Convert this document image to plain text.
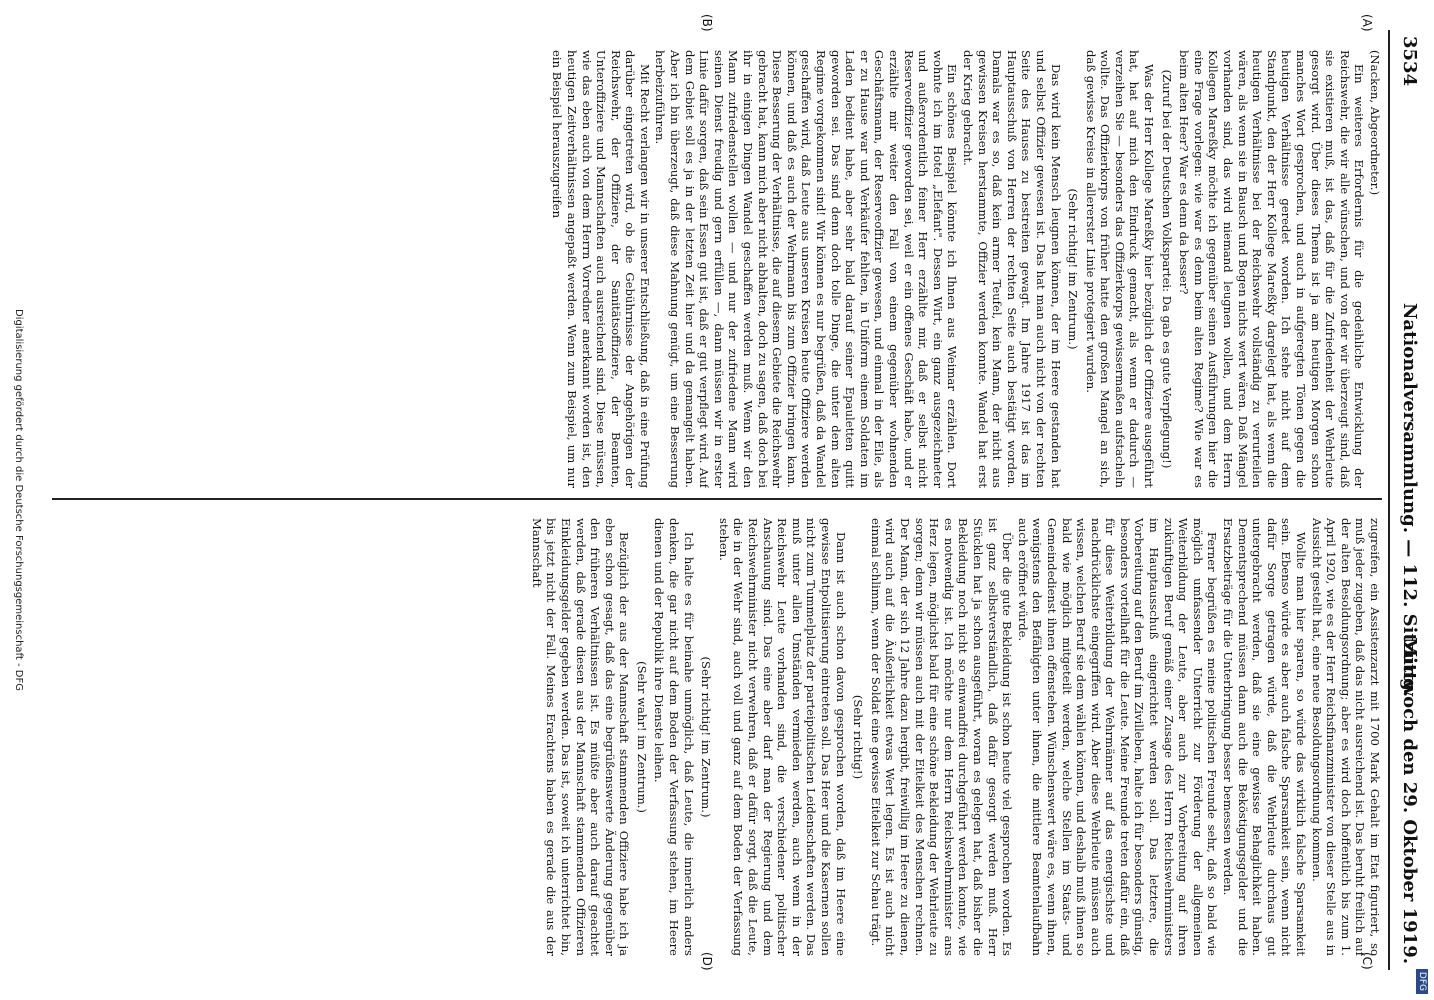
3534
Nationalversammlung. — 112. Sitzung.
Mittwoch den 29. Oktober 1919.
(A)
(B)
(C)
(D)

(Nacken, Abgeordneter.)

Ein weiteres Erfordernis für die gedeihliche Entwicklung der Reichswehr, die wir alle wünschen, und von der wir überzeugt sind, daß sie existieren muß, ist das, daß für die Zufriedenheit der Wehrleute gesorgt wird. Über dieses Thema ist ja am heutigen Morgen schon manches Wort gesprochen, und auch in aufgeregten Tönen gegen die heutigen Verhältnisse geredet worden. Ich stehe nicht auf dem Standpunkt, den der Herr Kollege Mareßky dargelegt hat, als wenn die heutigen Verhältnisse bei der Reichswehr vollständig zu verurteilen wären, als wenn sie in Bausch und Bogen nichts wert wären. Daß Mängel vorhanden sind, das wird niemand leugnen wollen, und dem Herrn Kollegen Mareßky möchte ich gegenüber seinen Ausführungen hier die eine Frage vorlegen: wie war es denn beim alten Regime? Wie war es beim alten Heer? War es denn da besser?

(Zuruf bei der Deutschen Volkspartei: Da gab es gute Verpflegung!)

Was der Herr Kollege Mareßky hier bezüglich der Offiziere ausgeführt hat, hat auf mich den Eindruck gemacht, als wenn er dadurch — verzeihen Sie — besonders das Offizierkorps gewissermaßen aufstacheln wollte. Das Offizierkorps von früher hatte den großen Mangel an sich, daß gewisse Kreise in allererster Linie protegiert wurden.

(Sehr richtig! im Zentrum.)

Das wird kein Mensch leugnen können, der im Heere gestanden hat und selbst Offizier gewesen ist. Das hat man auch nicht von der rechten Seite des Hauses zu bestreiten gewagt. Im Jahre 1917 ist das im Hauptausschuß von Herren der rechten Seite auch bestätigt worden. Damals war es so, daß kein armer Teufel, kein Mann, der nicht aus gewissen Kreisen herstammte, Offizier werden konnte. Wandel hat erst der Krieg gebracht.

Ein schönes Beispiel könnte ich Ihnen aus Weimar erzählen. Dort wohnte ich im Hotel „Elefant". Dessen Wirt, ein ganz ausgezeichneter und außerordentlich feiner Herr erzählte mir, daß er selbst nicht Reserveoffizier geworden sei, weil er ein offenes Geschäft habe, und er erzählte mir weiter den Fall von einem gegenüber wohnenden Geschäftsmann, der Reserveoffizier gewesen, und einmal in der Eile, als er zu Hause war und Verkäufer fehlten, in Uniform einem Soldaten im Laden bedient habe, aber sehr bald darauf seiner Epauletten quitt geworden sei. Das sind denn doch tolle Dinge, die unter dem alten Regime vorgekommen sind! Wir können es nur begrüßen, daß da Wandel geschaffen wird, daß Leute aus unseren Kreisen heute Offiziere werden können, und daß es auch der Wehrmann bis zum Offizier bringen kann. Diese Besserung der Verhältnisse, die auf diesem Gebiete die Reichswehr gebracht hat, kann mich aber nicht abhalten, doch zu sagen, daß doch bei ihr in einigen Dingen Wandel geschaffen werden muß. Wenn wir den Mann zufriedenstellen wollen — und nur der zufriedene Mann wird seinen Dienst freudig und gern erfüllen —, dann müssen wir in erster Linie dafür sorgen, daß sein Essen gut ist, daß er gut verpflegt wird. Auf dem Gebiet soll es ja in der letzten Zeit hier und da gemangelt haben. Aber ich bin überzeugt, daß diese Mahnung genügt, um eine Besserung herbeizuführen.

Mit Recht verlangen wir in unserer Entschließung, daß in eine Prüfung darüber eingetreten wird, ob die Gebührnisse der Angehörigen der Reichswehr, der Offiziere, der Sanitätsoffiziere, der Beamten, Unteroffiziere und Mannschaften auch ausreichend sind. Diese müssen, wie das eben auch von dem Herrn Vorredner anerkannt worden ist, den heutigen Zeitverhältnissen angepaßt werden. Wenn zum Beispiel, um nur ein Beispiel herauszugreifen

zugreifen, ein Assistenzarzt mit 1700 Mark Gehalt im Etat figuriert, so muß jeder zugeben, daß das nicht ausreichend ist. Das beruht freilich auf der alten Besoldungsordnung; aber es wird doch hoffentlich bis zum 1. April 1920, wie es der Herr Reichsfinanzminister von dieser Stelle aus in Aussicht gestellt hat, eine neue Besoldungsordnung kommen.

Wollte man hier sparen, so würde das wirklich falsche Sparsamkeit sein. Ebenso würde es aber auch falsche Sparsamkeit sein, wenn nicht dafür Sorge getragen würde, daß die Wehrleute durchaus gut untergebracht werden, daß sie eine gewisse Behaglichkeit haben. Dementsprechend müssen dann auch die Beköstigungsgelder und die Ersatzbeiträge für die Unterbringung besser bemessen werden.

Ferner begrüßen es meine politischen Freunde sehr, daß so bald wie möglich umfassender Unterricht zur Förderung der allgemeinen Weiterbildung der Leute, aber auch zur Vorbereitung auf ihren zukünftigen Beruf gemäß einer Zusage des Herrn Reichswehrministers im Hauptausschuß eingerichtet werden soll. Das letztere, die Vorbereitung auf den Beruf im Zivilleben, halte ich für besonders günstig, besonders vorteilhaft für die Leute. Meine Freunde treten dafür ein, daß für diese Weiterbildung der Wehrmänner auf das energischste und nachdrücklichste eingegriffen wird. Aber diese Wehrleute müssen auch wissen, welchen Beruf sie dem wählen können, und deshalb muß ihnen so bald wie möglich mitgeteilt werden, welche Stellen im Staats- und Gemeindedienst ihnen offenstehen. Wünschenswert wäre es, wenn ihnen, wenigstens den Befähigten unter ihnen, die mittlere Beamtenlaufbahn auch eröffnet würde.

Über die gute Bekleidung ist schon heute viel gesprochen worden. Es ist ganz selbstverständlich, daß dafür gesorgt werden muß. Herr Stücklen hat ja schon ausgeführt, woran es gelegen hat, daß bisher die Bekleidung noch nicht so einwandfrei durchgeführt werden konnte, wie es notwendig ist. Ich möchte nur dem Herrn Reichswehrminister ans Herz legen, möglichst bald für eine schöne Bekleidung der Wehrleute zu sorgen; denn wir müssen auch mit der Eitelkeit des Menschen rechnen. Der Mann, der sich 12 Jahre dazu hergibt, freiwillig im Heere zu dienen, wird auch auf die Äußerlichkeit etwas Wert legen. Es ist auch nicht einmal schlimm, wenn der Soldat eine gewisse Eitelkeit zur Schau trägt.

(Sehr richtig!)

Dann ist auch schon davon gesprochen worden, daß im Heere eine gewisse Entpolitisierung eintreten soll. Das Heer und die Kasernen sollen nicht zum Tummelplatz der parteipolitischen Leidenschaften werden. Das muß unter allen Umständen vermieden werden, auch wenn in der Reichswehr Leute vorhanden sind, die verschiedener politischer Anschauung sind. Das eine aber darf man der Regierung und dem Reichswehrminister nicht verwehren, daß er dafür sorgt, daß die Leute, die in der Wehr sind, auch voll und ganz auf dem Boden der Verfassung stehen.

(Sehr richtig! im Zentrum.)

Ich halte es für beinahe unmöglich, daß Leute, die innerlich anders denken, die gar nicht auf dem Boden der Verfassung stehen, im Heere dienen und der Republik ihre Dienste leihen.

(Sehr wahr! im Zentrum.)

Bezüglich der aus der Mannschaft stammenden Offiziere habe ich ja eben schon gesagt, daß das eine begrüßenswerte Änderung gegenüber den früheren Verhältnissen ist. Es müßte aber auch darauf geachtet werden, daß gerade diesen aus der Mannschaft stammenden Offizieren Einkleidungsgelder gegeben werden. Das ist, soweit ich unterrichtet bin, bis jetzt nicht der Fall. Meines Erachtens haben es gerade die aus der Mannschaft

Digitalisierung gefördert durch die Deutsche Forschungsgemeinschaft - DFG
DFG
